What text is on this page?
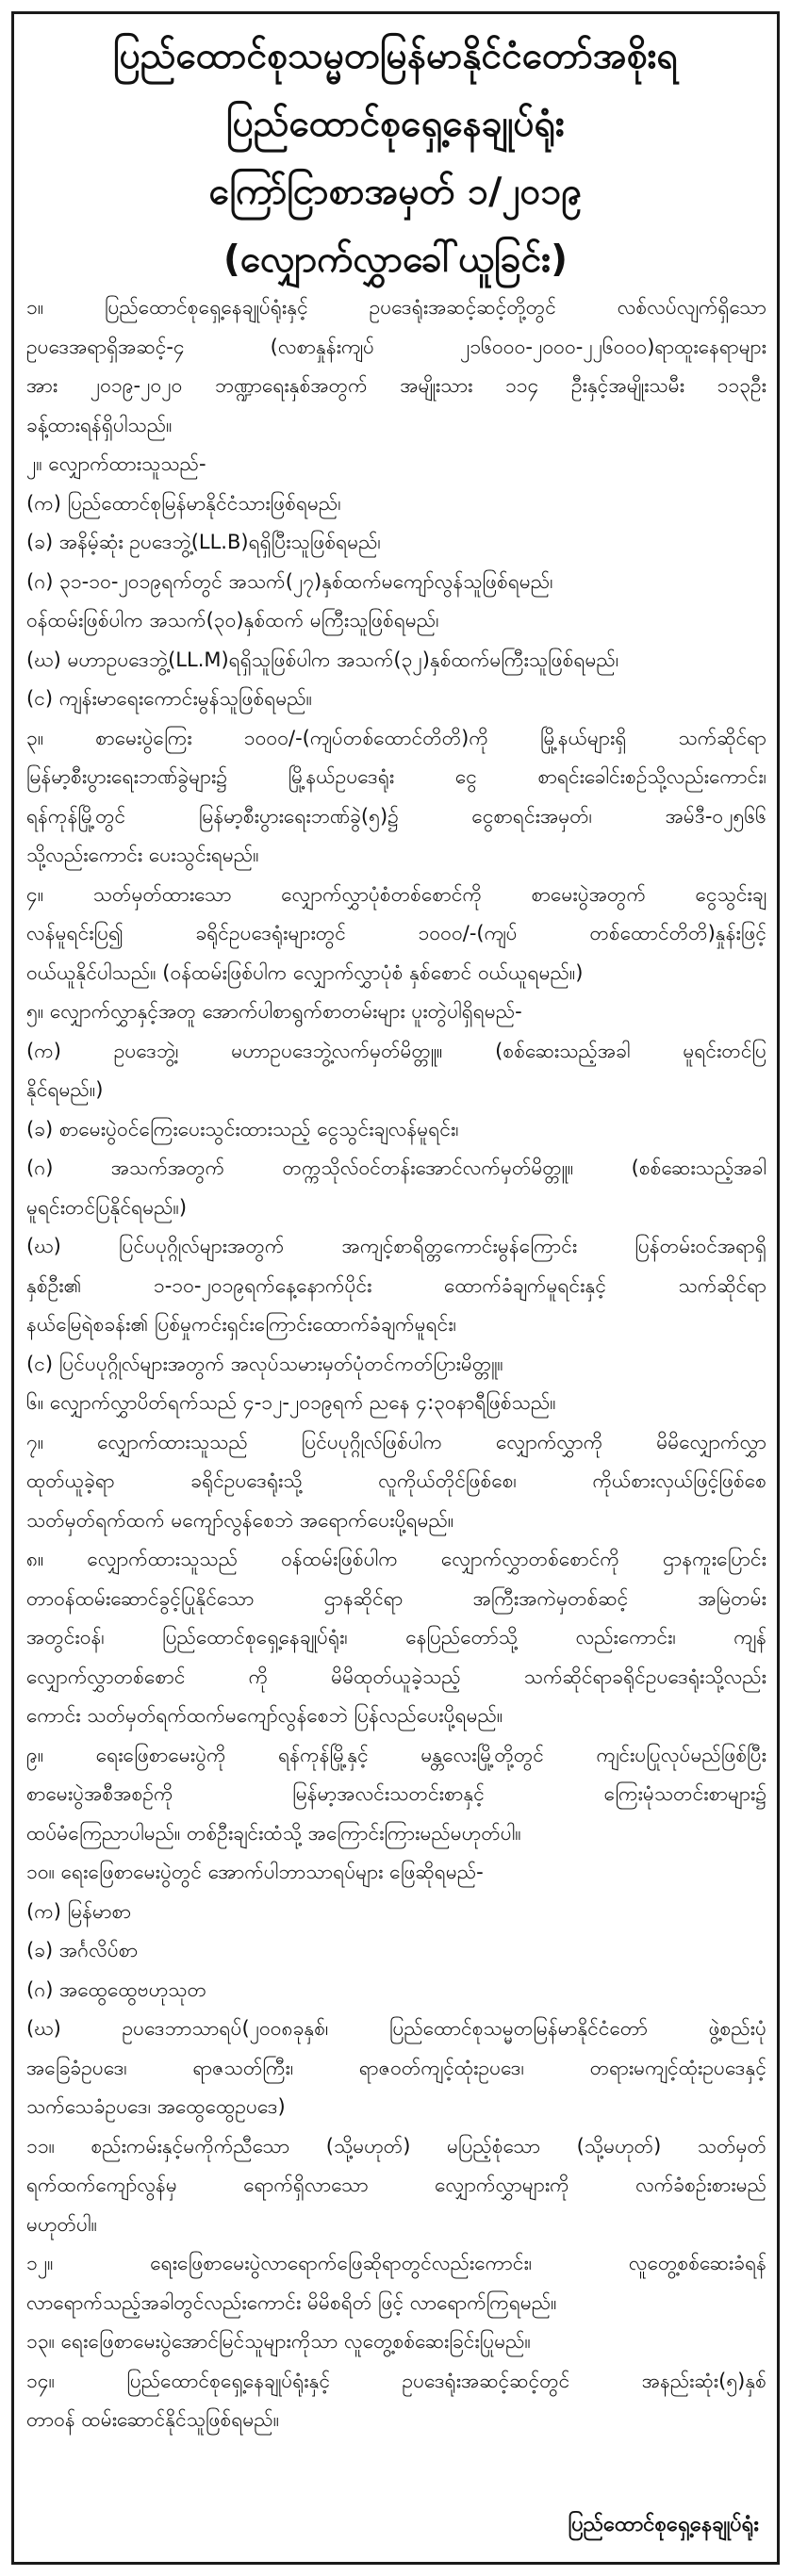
ပြည်ထောင်စုသမ္မတမြန်မာနိုင်ငံတော်အစိုးရ
ပြည်ထောင်စုရှေ့နေချုပ်ရုံး
ကြော်ငြာစာအမှတ် ၁/၂၀၁၉
(လျှောက်လွှာခေါ်ယူခြင်း)
၁။ ပြည်ထောင်စုရှေ့နေချုပ်ရုံးနှင့် ဥပဒေရုံးအဆင့်ဆင့်တို့တွင် လစ်လပ်လျက်ရှိသော
ဥပဒေအရာရှိအဆင့်-၄ (လစာနှုန်းကျပ် ၂၁၆၀၀၀-၂၀၀၀-၂၂၆၀၀၀)ရာထူးနေရာများ
အား ၂၀၁၉-၂၀၂၀ ဘဏ္ဍာရေးနှစ်အတွက် အမျိုးသား ၁၁၄ ဦးနှင့်အမျိုးသမီး ၁၁၃ဦး
ခန့်ထားရန်ရှိပါသည်။
၂။ လျှောက်ထားသူသည်-
(က) ပြည်ထောင်စုမြန်မာနိုင်ငံသားဖြစ်ရမည်၊
(ခ) အနိမ့်ဆုံး ဥပဒေဘွဲ့(LL.B)ရရှိပြီးသူဖြစ်ရမည်၊
(ဂ) ၃၁-၁၀-၂၀၁၉ရက်တွင် အသက်(၂၇)နှစ်ထက်မကျော်လွန်သူဖြစ်ရမည်၊
ဝန်ထမ်းဖြစ်ပါက အသက်(၃၀)နှစ်ထက် မကြီးသူဖြစ်ရမည်၊
(ဃ) မဟာဥပဒေဘွဲ့(LL.M)ရရှိသူဖြစ်ပါက အသက်(၃၂)နှစ်ထက်မကြီးသူဖြစ်ရမည်၊
(င) ကျန်းမာရေးကောင်းမွန်သူဖြစ်ရမည်။
၃။ စာမေးပွဲကြေး ၁၀၀၀/-(ကျပ်တစ်ထောင်တိတိ)ကို မြို့နယ်များရှိ သက်ဆိုင်ရာ
မြန်မာ့စီးပွားရေးဘဏ်ခွဲများ၌ မြို့နယ်ဥပဒေရုံး ငွေ စာရင်းခေါင်းစဉ်သို့လည်းကောင်း၊
ရန်ကုန်မြို့တွင် မြန်မာ့စီးပွားရေးဘဏ်ခွဲ(၅)၌ ငွေစာရင်းအမှတ်၊ အမ်ဒီ-၀၂၅၆၆
သို့လည်းကောင်း ပေးသွင်းရမည်။
၄။ သတ်မှတ်ထားသော လျှောက်လွှာပုံစံတစ်စောင်ကို စာမေးပွဲအတွက် ငွေသွင်းချ
လန်မူရင်းပြ၍ ခရိုင်ဥပဒေရုံးများတွင် ၁၀၀၀/-(ကျပ် တစ်ထောင်တိတိ)နှုန်းဖြင့်
ဝယ်ယူနိုင်ပါသည်။ (ဝန်ထမ်းဖြစ်ပါက လျှောက်လွှာပုံစံ နှစ်စောင် ဝယ်ယူရမည်။)
၅။ လျှောက်လွှာနှင့်အတူ အောက်ပါစာရွက်စာတမ်းများ ပူးတွဲပါရှိရမည်-
(က) ဥပဒေဘွဲ့၊ မဟာဥပဒေဘွဲ့လက်မှတ်မိတ္တူ။ (စစ်ဆေးသည့်အခါ မူရင်းတင်ပြ
နိုင်ရမည်။)
(ခ) စာမေးပွဲဝင်ကြေးပေးသွင်းထားသည့် ငွေသွင်းချလန်မူရင်း၊
(ဂ) အသက်အတွက် တက္ကသိုလ်ဝင်တန်းအောင်လက်မှတ်မိတ္တူ။ (စစ်ဆေးသည့်အခါ
မူရင်းတင်ပြနိုင်ရမည်။)
(ဃ) ပြင်ပပုဂ္ဂိုလ်များအတွက် အကျင့်စာရိတ္တကောင်းမွန်ကြောင်း ပြန်တမ်းဝင်အရာရှိ
နှစ်ဦး၏ ၁-၁၀-၂၀၁၉ရက်နေ့နောက်ပိုင်း ထောက်ခံချက်မူရင်းနှင့် သက်ဆိုင်ရာ
နယ်မြေရဲစခန်း၏ ပြစ်မှုကင်းရှင်းကြောင်းထောက်ခံချက်မူရင်း၊
(င) ပြင်ပပုဂ္ဂိုလ်များအတွက် အလုပ်သမားမှတ်ပုံတင်ကတ်ပြားမိတ္တူ။
၆။ လျှောက်လွှာပိတ်ရက်သည် ၄-၁၂-၂၀၁၉ရက် ညနေ ၄:၃၀နာရီဖြစ်သည်။
၇။ လျှောက်ထားသူသည် ပြင်ပပုဂ္ဂိုလ်ဖြစ်ပါက လျှောက်လွှာကို မိမိလျှောက်လွှာ
ထုတ်ယူခဲ့ရာ ခရိုင်ဥပဒေရုံးသို့ လူကိုယ်တိုင်ဖြစ်စေ၊ ကိုယ်စားလှယ်ဖြင့်ဖြစ်စေ
သတ်မှတ်ရက်ထက် မကျော်လွန်စေဘဲ အရောက်ပေးပို့ရမည်။
၈။ လျှောက်ထားသူသည် ဝန်ထမ်းဖြစ်ပါက လျှောက်လွှာတစ်စောင်ကို ဌာနကူးပြောင်း
တာဝန်ထမ်းဆောင်ခွင့်ပြုနိုင်သော ဌာနဆိုင်ရာ အကြီးအကဲမှတစ်ဆင့် အမြဲတမ်း
အတွင်းဝန်၊ ပြည်ထောင်စုရှေ့နေချုပ်ရုံး၊ နေပြည်တော်သို့ လည်းကောင်း၊ ကျန်
လျှောက်လွှာတစ်စောင် ကို မိမိထုတ်ယူခဲ့သည့် သက်ဆိုင်ရာခရိုင်ဥပဒေရုံးသို့လည်း
ကောင်း သတ်မှတ်ရက်ထက်မကျော်လွန်စေဘဲ ပြန်လည်ပေးပို့ရမည်။
၉။ ရေးဖြေစာမေးပွဲကို ရန်ကုန်မြို့နှင့် မန္တလေးမြို့တို့တွင် ကျင်းပပြုလုပ်မည်ဖြစ်ပြီး
စာမေးပွဲအစီအစဉ်ကို မြန်မာ့အလင်းသတင်းစာနှင့် ကြေးမုံသတင်းစာများ၌
ထပ်မံကြေညာပါမည်။ တစ်ဦးချင်းထံသို့ အကြောင်းကြားမည်မဟုတ်ပါ။
၁၀။ ရေးဖြေစာမေးပွဲတွင် အောက်ပါဘာသာရပ်များ ဖြေဆိုရမည်-
(က) မြန်မာစာ
(ခ) အင်္ဂလိပ်စာ
(ဂ) အထွေထွေဗဟုသုတ
(ဃ) ဥပဒေဘာသာရပ်(၂၀၀၈ခုနှစ်၊ ပြည်ထောင်စုသမ္မတမြန်မာနိုင်ငံတော် ဖွဲ့စည်းပုံ
အခြေခံဥပဒေ၊ ရာဇသတ်ကြီး၊ ရာဇဝတ်ကျင့်ထုံးဥပဒေ၊ တရားမကျင့်ထုံးဥပဒေနှင့်
သက်သေခံဥပဒေ၊ အထွေထွေဥပဒေ)
၁၁။ စည်းကမ်းနှင့်မကိုက်ညီသော (သို့မဟုတ်) မပြည့်စုံသော (သို့မဟုတ်) သတ်မှတ်
ရက်ထက်ကျော်လွန်မှ ရောက်ရှိလာသော လျှောက်လွှာများကို လက်ခံစဉ်းစားမည်
မဟုတ်ပါ။
၁၂။ ရေးဖြေစာမေးပွဲလာရောက်ဖြေဆိုရာတွင်လည်းကောင်း၊ လူတွေ့စစ်ဆေးခံရန်
လာရောက်သည့်အခါတွင်လည်းကောင်း မိမိစရိတ် ဖြင့် လာရောက်ကြရမည်။
၁၃။ ရေးဖြေစာမေးပွဲအောင်မြင်သူများကိုသာ လူတွေ့စစ်ဆေးခြင်းပြုမည်။
၁၄။ ပြည်ထောင်စုရှေ့နေချုပ်ရုံးနှင့် ဥပဒေရုံးအဆင့်ဆင့်တွင် အနည်းဆုံး(၅)နှစ်
တာဝန် ထမ်းဆောင်နိုင်သူဖြစ်ရမည်။
ပြည်ထောင်စုရှေ့နေချုပ်ရုံး
